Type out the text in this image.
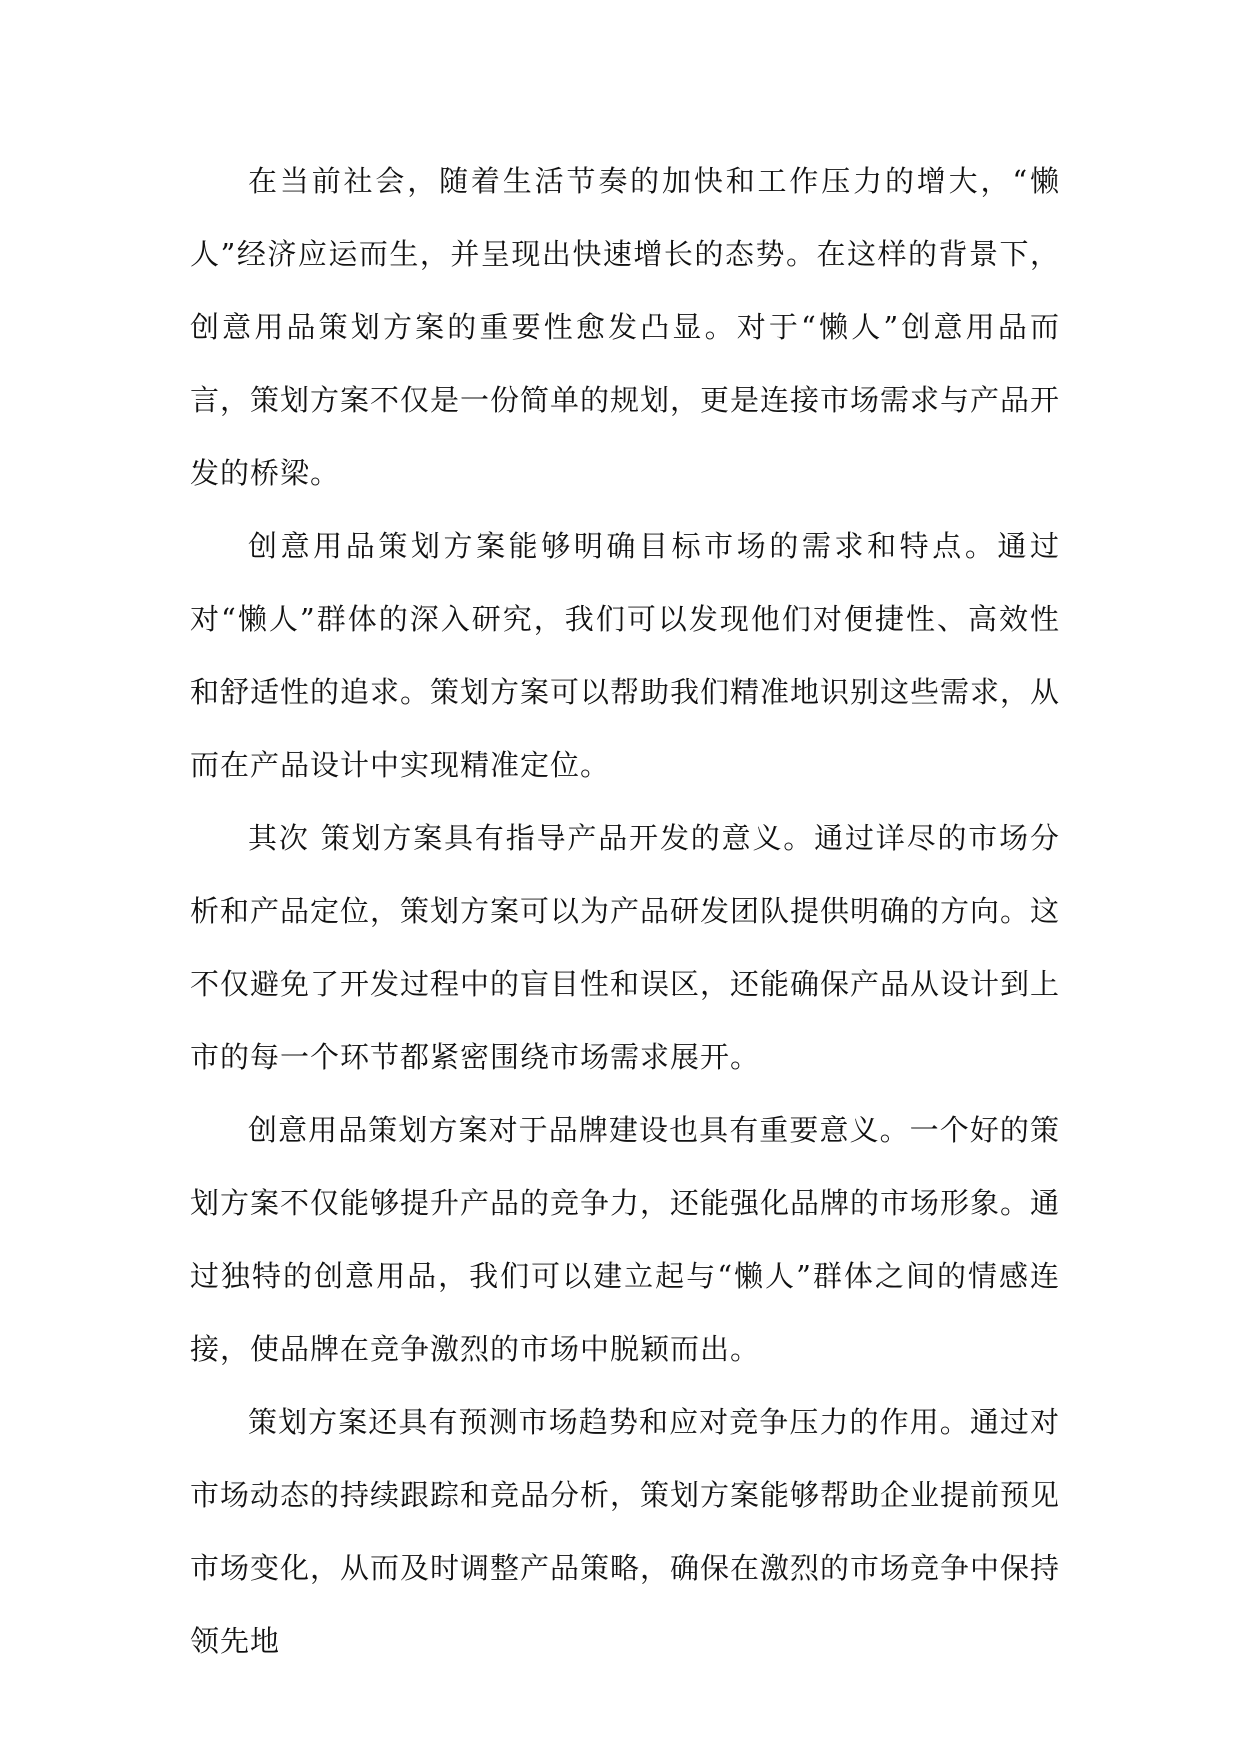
在当前社会，随着生活节奏的加快和工作压力的增大，“懒人”经济应运而生，并呈现出快速增长的态势。在这样的背景下，创意用品策划方案的重要性愈发凸显。对于“懒人”创意用品而言，策划方案不仅是一份简单的规划，更是连接市场需求与产品开发的桥梁。

创意用品策划方案能够明确目标市场的需求和特点。通过对“懒人”群体的深入研究，我们可以发现他们对便捷性、高效性和舒适性的追求。策划方案可以帮助我们精准地识别这些需求，从而在产品设计中实现精准定位。

其次 策划方案具有指导产品开发的意义。通过详尽的市场分析和产品定位，策划方案可以为产品研发团队提供明确的方向。这不仅避免了开发过程中的盲目性和误区，还能确保产品从设计到上市的每一个环节都紧密围绕市场需求展开。

创意用品策划方案对于品牌建设也具有重要意义。一个好的策划方案不仅能够提升产品的竞争力，还能强化品牌的市场形象。通过独特的创意用品，我们可以建立起与“懒人”群体之间的情感连接，使品牌在竞争激烈的市场中脱颖而出。

策划方案还具有预测市场趋势和应对竞争压力的作用。通过对市场动态的持续跟踪和竞品分析，策划方案能够帮助企业提前预见市场变化，从而及时调整产品策略，确保在激烈的市场竞争中保持领先地
